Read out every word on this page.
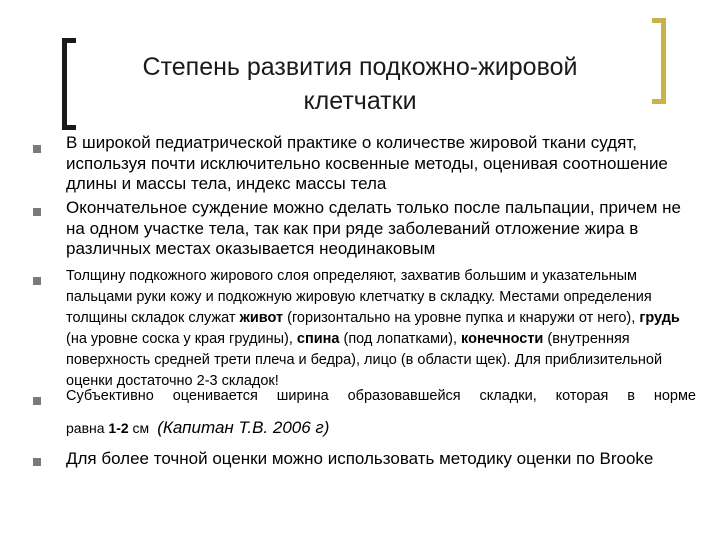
Степень развития подкожно-жировой
клетчатки

В широкой педиатрической практике о количестве жировой ткани судят, используя почти исключительно косвенные методы, оценивая соотношение длины и массы тела, индекс массы тела

Окончательное суждение можно сделать только после пальпации, причем не на одном участке тела, так как при ряде заболеваний отложение жира в различных местах оказывается неодинаковым

Толщину подкожного жирового слоя определяют, захватив большим и указательным пальцами руки кожу и подкожную жировую клетчатку в складку. Местами определения толщины складок служат живот (горизонтально на уровне пупка и кнаружи от него), грудь (на уровне соска у края грудины), спина (под лопатками), конечности (внутренняя поверхность средней трети плеча и бедра), лицо (в области щек). Для приблизительной оценки достаточно 2-3 складок!

Субъективно оценивается ширина образовавшейся складки, которая в норме
равна 1-2 см (Капитан Т.В. 2006 г)

Для более точной оценки можно использовать методику оценки по Brooke
